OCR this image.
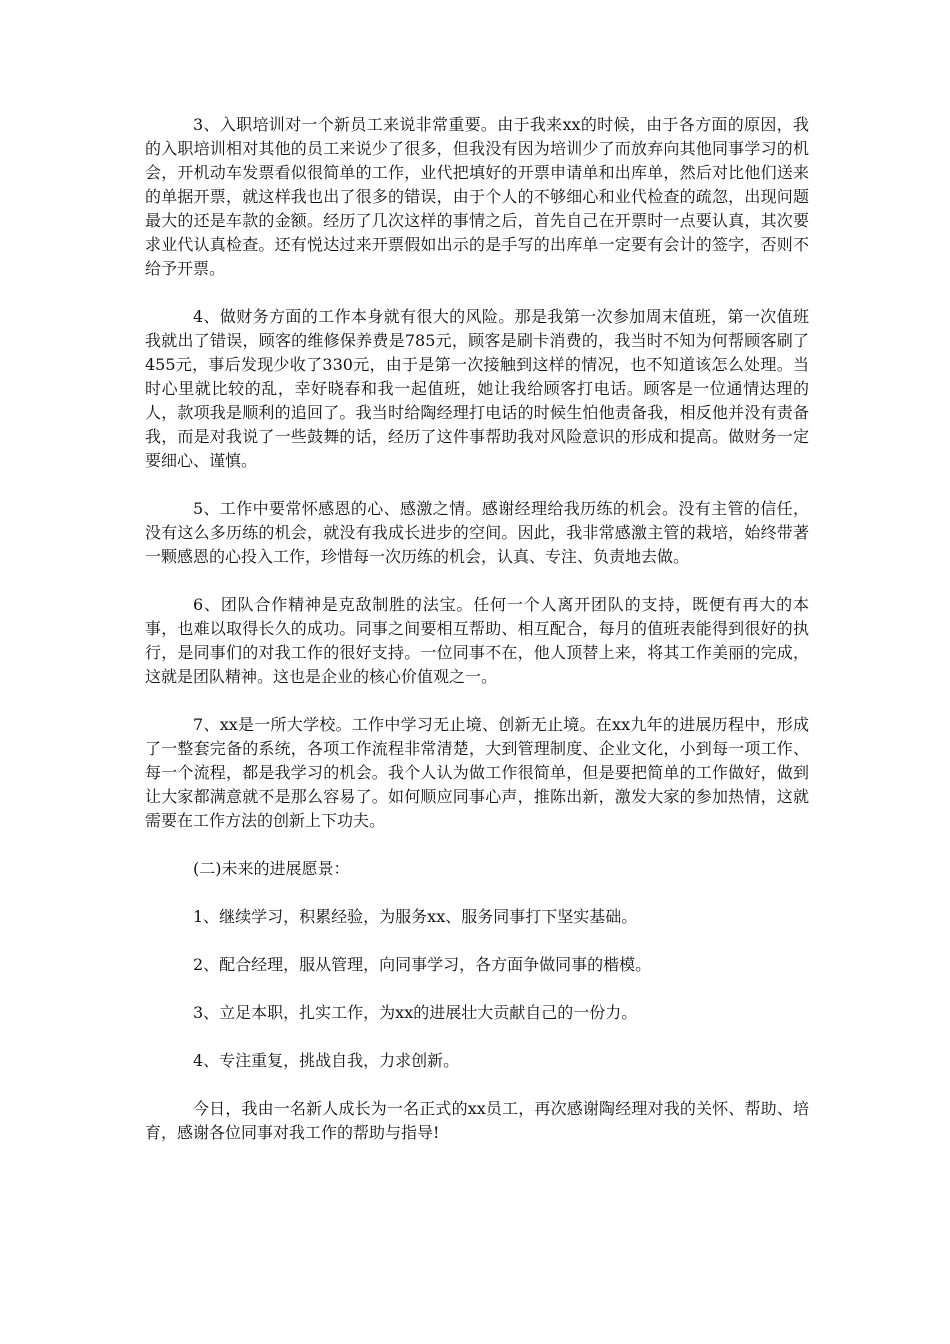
3、入职培训对一个新员工来说非常重要。由于我来xx的时候，由于各方面的原因，我的入职培训相对其他的员工来说少了很多，但我没有因为培训少了而放弃向其他同事学习的机会，开机动车发票看似很简单的工作，业代把填好的开票申请单和出库单，然后对比他们送来的单据开票，就这样我也出了很多的错误，由于个人的不够细心和业代检查的疏忽，出现问题最大的还是车款的金额。经历了几次这样的事情之后，首先自己在开票时一点要认真，其次要求业代认真检查。还有悦达过来开票假如出示的是手写的出库单一定要有会计的签字，否则不给予开票。

4、做财务方面的工作本身就有很大的风险。那是我第一次参加周末值班，第一次值班我就出了错误，顾客的维修保养费是785元，顾客是刷卡消费的，我当时不知为何帮顾客刷了455元，事后发现少收了330元，由于是第一次接触到这样的情况，也不知道该怎么处理。当时心里就比较的乱，幸好晓春和我一起值班，她让我给顾客打电话。顾客是一位通情达理的人，款项我是顺利的追回了。我当时给陶经理打电话的时候生怕他责备我，相反他并没有责备我，而是对我说了一些鼓舞的话，经历了这件事帮助我对风险意识的形成和提高。做财务一定要细心、谨慎。

5、工作中要常怀感恩的心、感激之情。感谢经理给我历练的机会。没有主管的信任，没有这么多历练的机会，就没有我成长进步的空间。因此，我非常感激主管的栽培，始终带著一颗感恩的心投入工作，珍惜每一次历练的机会，认真、专注、负责地去做。

6、团队合作精神是克敌制胜的法宝。任何一个人离开团队的支持，既便有再大的本事，也难以取得长久的成功。同事之间要相互帮助、相互配合，每月的值班表能得到很好的执行，是同事们的对我工作的很好支持。一位同事不在，他人顶替上来，将其工作美丽的完成，这就是团队精神。这也是企业的核心价值观之一。

7、xx是一所大学校。工作中学习无止境、创新无止境。在xx九年的进展历程中，形成了一整套完备的系统，各项工作流程非常清楚，大到管理制度、企业文化，小到每一项工作、每一个流程，都是我学习的机会。我个人认为做工作很简单，但是要把简单的工作做好，做到让大家都满意就不是那么容易了。如何顺应同事心声，推陈出新，激发大家的参加热情，这就需要在工作方法的创新上下功夫。

(二)未来的进展愿景：

1、继续学习，积累经验，为服务xx、服务同事打下坚实基础。

2、配合经理，服从管理，向同事学习，各方面争做同事的楷模。

3、立足本职，扎实工作，为xx的进展壮大贡献自己的一份力。

4、专注重复，挑战自我，力求创新。

今日，我由一名新人成长为一名正式的xx员工，再次感谢陶经理对我的关怀、帮助、培育，感谢各位同事对我工作的帮助与指导!
